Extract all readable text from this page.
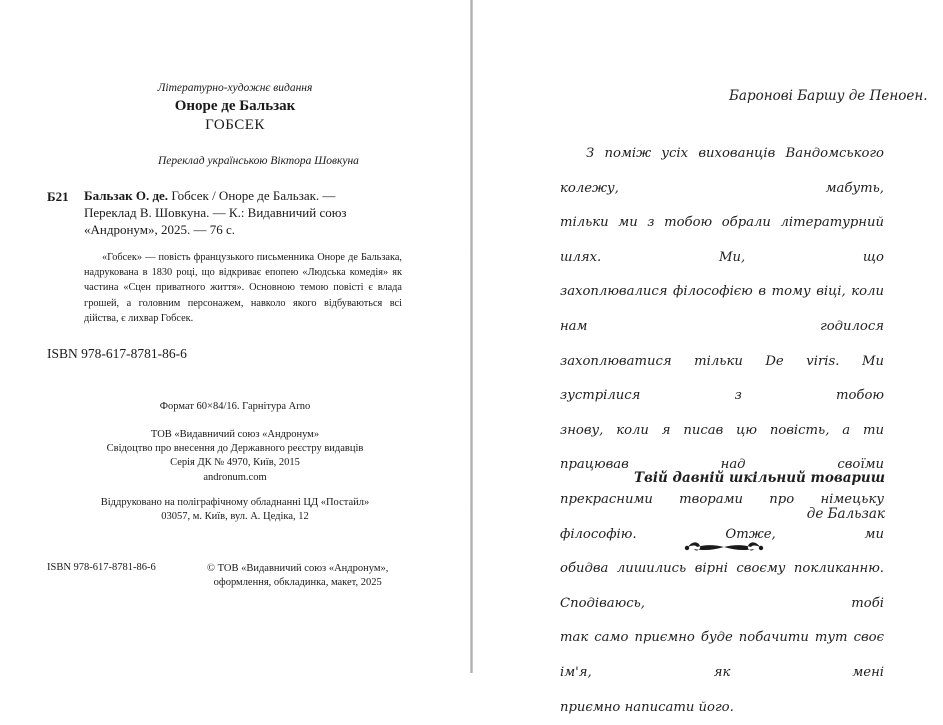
Літературно-художнє видання
Оноре де Бальзак
ГОБСЕК
Переклад українською Віктора Шовкуна
Б21 Бальзак О. де. Гобсек / Оноре де Бальзак. — Переклад В. Шовкуна. — К.: Видавничий союз «Андронум», 2025. — 76 с.

«Гобсек» — повість французького письменника Оноре де Бальзака, надрукована в 1830 році, що відкриває епопею «Людська комедія» як частина «Сцен приватного життя». Основною темою повісті є влада грошей, а головним персонажем, навколо якого відбуваються всі дійства, є лихвар Гобсек.

ISBN 978-617-8781-86-6
Формат 60×84/16. Гарнітура Arno
ТОВ «Видавничий союз «Андронум»
Свідоцтво про внесення до Державного реєстру видавців
Серія ДК № 4970, Київ, 2015
andronum.com
Віддруковано на поліграфічному обладнанні ЦД «Постайл»
03057, м. Київ, вул. А. Цедіка, 12
ISBN 978-617-8781-86-6	© ТОВ «Видавничий союз «Андронум»,
оформлення, обкладинка, макет, 2025
Баронові Баршу де Пеноен.
З поміж усіх вихованців Вандомського колежу, мабуть,
тільки ми з тобою обрали літературний шлях. Ми, що
захоплювалися філософією в тому віці, коли нам годилося
захоплюватися тільки De viris. Ми зустрілися з тобою
знову, коли я писав цю повість, а ти працював над своїми
прекрасними творами про німецьку філософію. Отже, ми
обидва лишились вірні своєму покликанню. Сподіваюсь, тобі
так само приємно буде побачити тут своє ім'я, як мені
приємно написати його.
Твій давній шкільний товариш
де Бальзак
